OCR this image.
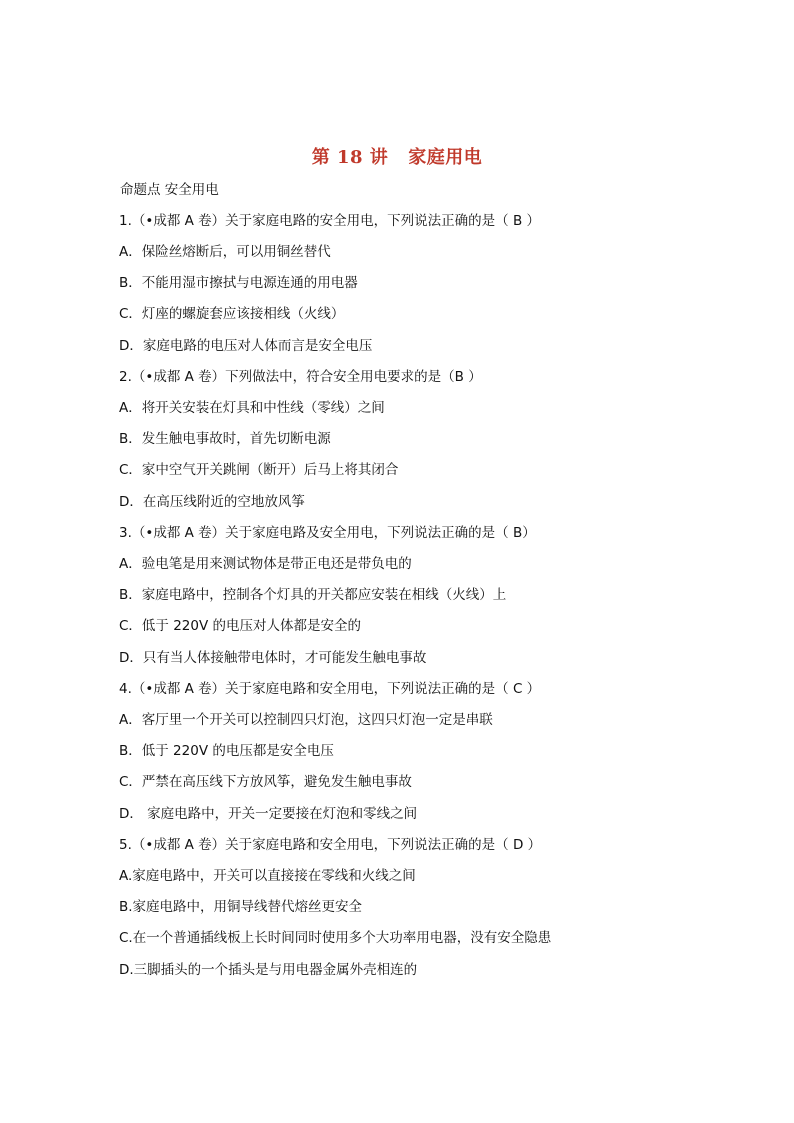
第 18 讲 家庭用电
命题点 安全用电
1.（•成都 A 卷）关于家庭电路的安全用电，下列说法正确的是（ B ）
A．保险丝熔断后，可以用铜丝替代
B．不能用湿市擦拭与电源连通的用电器
C．灯座的螺旋套应该接相线（火线）
D．家庭电路的电压对人体而言是安全电压
2.（•成都 A 卷）下列做法中，符合安全用电要求的是（B ）
A．将开关安装在灯具和中性线（零线）之间
B．发生触电事故时，首先切断电源
C．家中空气开关跳闸（断开）后马上将其闭合
D．在高压线附近的空地放风筝
3.（•成都 A 卷）关于家庭电路及安全用电，下列说法正确的是（ B）
A．验电笔是用来测试物体是带正电还是带负电的
B．家庭电路中，控制各个灯具的开关都应安装在相线（火线）上
C．低于 220V 的电压对人体都是安全的
D．只有当人体接触带电体时，才可能发生触电事故
4.（•成都 A 卷）关于家庭电路和安全用电，下列说法正确的是（ C ）
A．客厅里一个开关可以控制四只灯泡，这四只灯泡一定是串联
B．低于 220V 的电压都是安全电压
C．严禁在高压线下方放风筝，避免发生触电事故
D． 家庭电路中，开关一定要接在灯泡和零线之间
5.（•成都 A 卷）关于家庭电路和安全用电，下列说法正确的是（ D ）
A.家庭电路中，开关可以直接接在零线和火线之间
B.家庭电路中，用铜导线替代熔丝更安全
C.在一个普通插线板上长时间同时使用多个大功率用电器，没有安全隐患
D.三脚插头的一个插头是与用电器金属外壳相连的
